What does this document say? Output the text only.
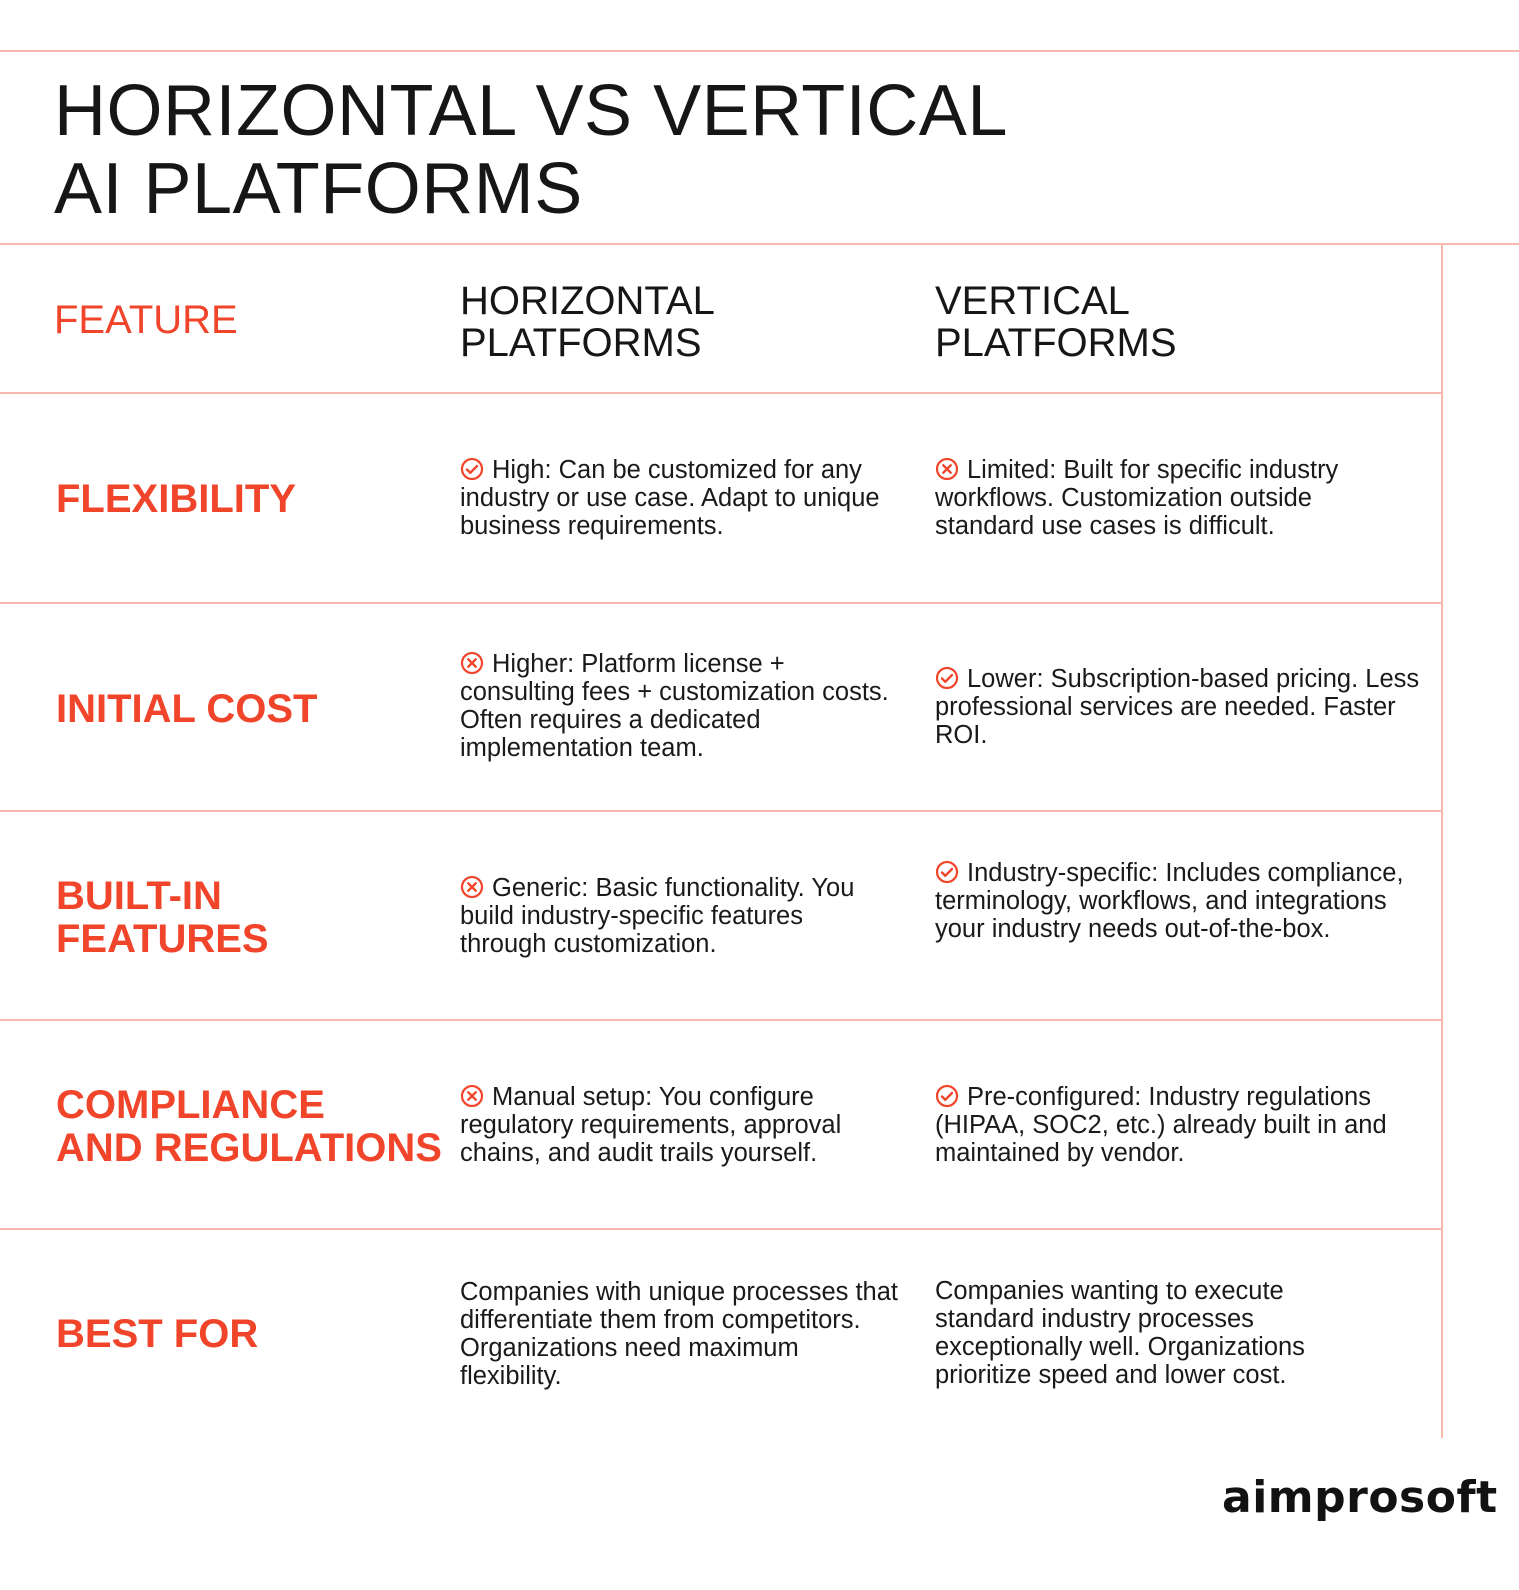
HORIZONTAL VS VERTICAL
AI PLATFORMS
FEATURE	HORIZONTAL
PLATFORMS
VERTICAL
PLATFORMS
FLEXIBILITY
High: Can be customized for any industry or use case. Adapt to unique business requirements.
Limited: Built for specific industry workflows. Customization outside standard use cases is difficult.
INITIAL COST
Higher: Platform license + consulting fees + customization costs. Often requires a dedicated implementation team.
Lower: Subscription-based pricing. Less professional services are needed. Faster ROI.
BUILT-IN
FEATURES
Generic: Basic functionality. You build industry-specific features through customization.
Industry-specific: Includes compliance, terminology, workflows, and integrations your industry needs out-of-the-box.
COMPLIANCE
AND REGULATIONS
Manual setup: You configure regulatory requirements, approval chains, and audit trails yourself.
Pre-configured: Industry regulations (HIPAA, SOC2, etc.) already built in and maintained by vendor.
BEST FOR
Companies with unique processes that differentiate them from competitors. Organizations need maximum flexibility.
Companies wanting to execute standard industry processes exceptionally well. Organizations prioritize speed and lower cost.
aimprosoft
